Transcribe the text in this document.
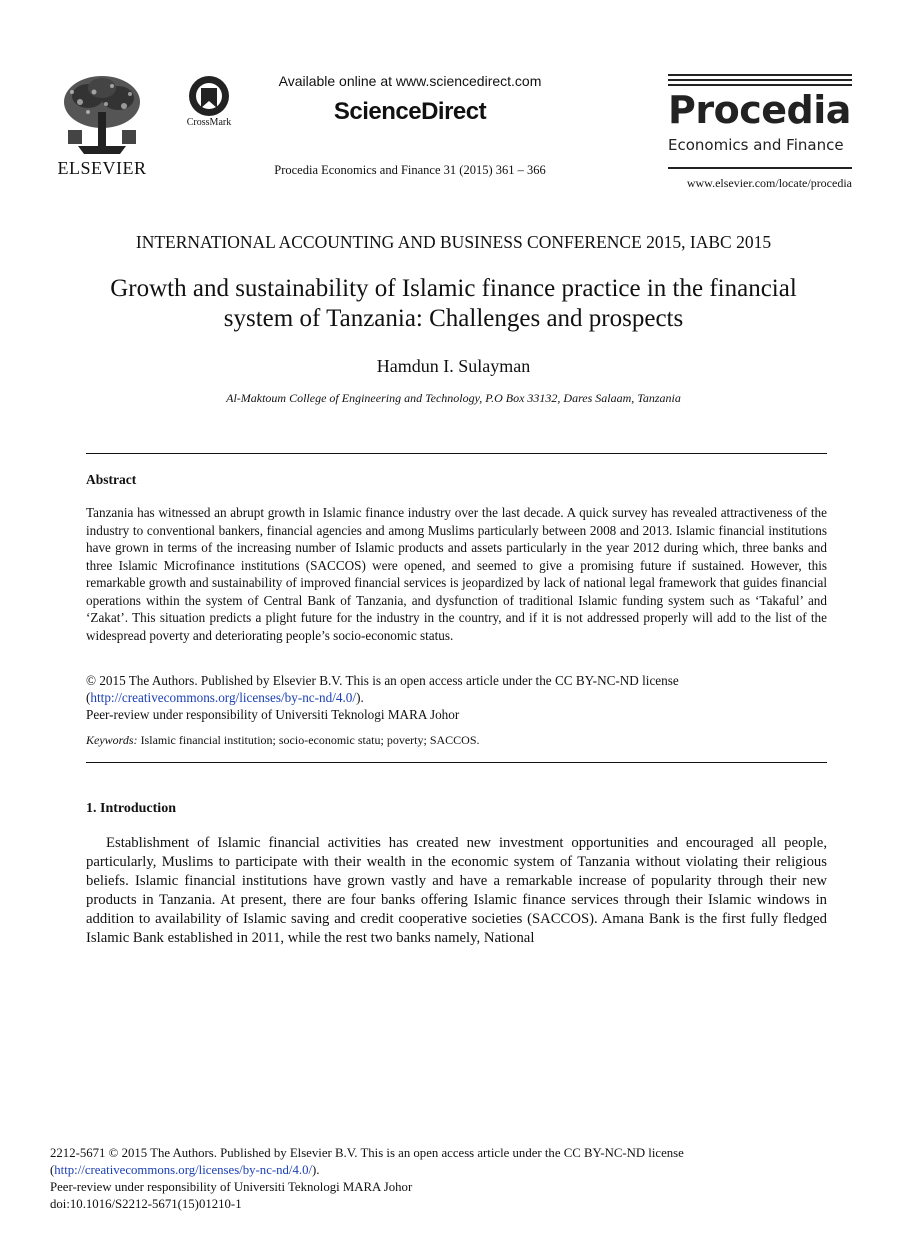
ELSEVIER
CrossMark
Available online at www.sciencedirect.com
ScienceDirect
Procedia Economics and Finance 31 (2015) 361 – 366
Procedia
Economics and Finance
www.elsevier.com/locate/procedia
INTERNATIONAL ACCOUNTING AND BUSINESS CONFERENCE 2015, IABC 2015
Growth and sustainability of Islamic finance practice in the financial
system of Tanzania: Challenges and prospects
Hamdun I. Sulayman
Al-Maktoum College of Engineering and Technology, P.O Box 33132, Dares Salaam, Tanzania
Abstract
Tanzania has witnessed an abrupt growth in Islamic finance industry over the last decade. A quick survey has revealed attractiveness of the industry to conventional bankers, financial agencies and among Muslims particularly between 2008 and 2013. Islamic financial institutions have grown in terms of the increasing number of Islamic products and assets particularly in the year 2012 during which, three banks and three Islamic Microfinance institutions (SACCOS) were opened, and seemed to give a promising future if sustained. However, this remarkable growth and sustainability of improved financial services is jeopardized by lack of national legal framework that guides financial operations within the system of Central Bank of Tanzania, and dysfunction of traditional Islamic funding system such as ‘Takaful’ and ‘Zakat’. This situation predicts a plight future for the industry in the country, and if it is not addressed properly will add to the list of the widespread poverty and deteriorating people’s socio-economic status.
© 2015 The Authors. Published by Elsevier B.V. This is an open access article under the CC BY-NC-ND license
(http://creativecommons.org/licenses/by-nc-nd/4.0/).
Peer-review under responsibility of Universiti Teknologi MARA Johor
Keywords: Islamic financial institution; socio-economic statu; poverty; SACCOS.
1. Introduction
Establishment of Islamic financial activities has created new investment opportunities and encouraged all people, particularly, Muslims to participate with their wealth in the economic system of Tanzania without violating their religious beliefs. Islamic financial institutions have grown vastly and have a remarkable increase of popularity through their new products in Tanzania. At present, there are four banks offering Islamic finance services through their Islamic windows in addition to availability of Islamic saving and credit cooperative societies (SACCOS). Amana Bank is the first fully fledged Islamic Bank established in 2011, while the rest two banks namely, National
2212-5671 © 2015 The Authors. Published by Elsevier B.V. This is an open access article under the CC BY-NC-ND license
(http://creativecommons.org/licenses/by-nc-nd/4.0/).
Peer-review under responsibility of Universiti Teknologi MARA Johor
doi:10.1016/S2212-5671(15)01210-1
